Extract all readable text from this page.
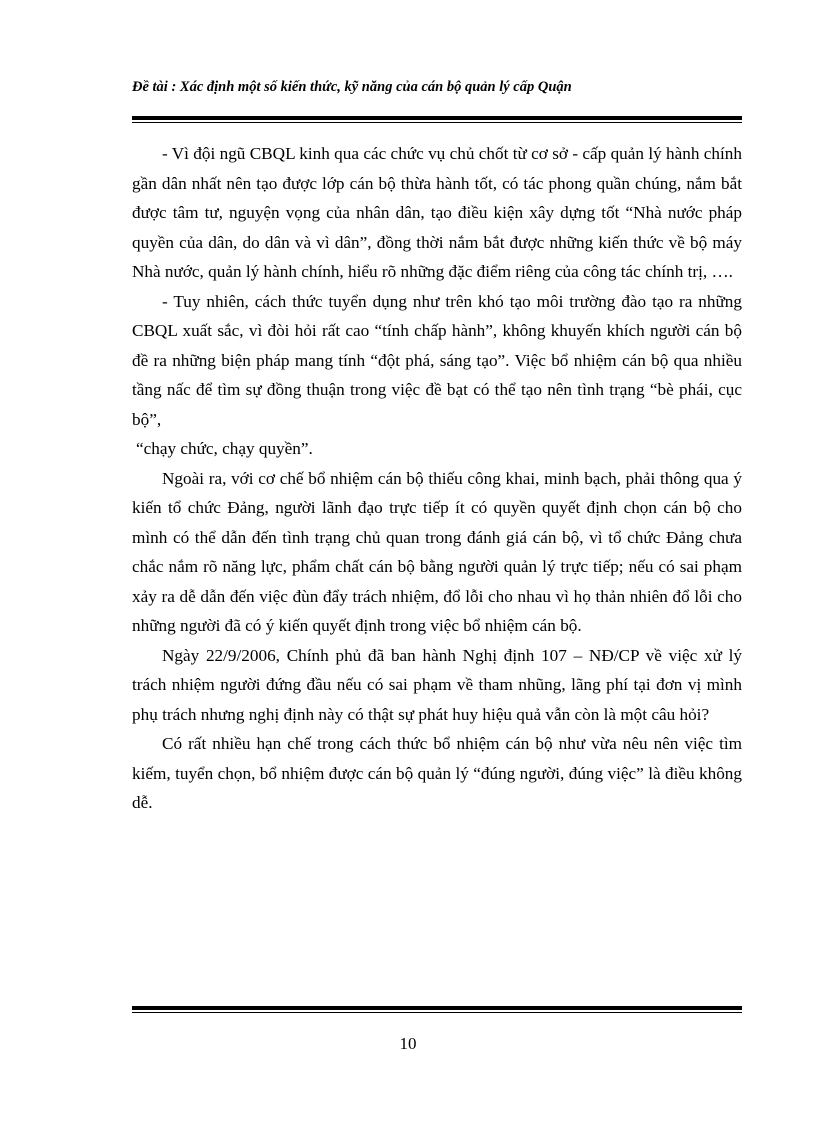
Đề tài : Xác định một số kiến thức, kỹ năng của cán bộ quản lý cấp Quận

- Vì đội ngũ CBQL kinh qua các chức vụ chủ chốt từ cơ sở - cấp quản lý hành chính gần dân nhất nên tạo được lớp cán bộ thừa hành tốt, có tác phong quần chúng, nắm bắt được tâm tư, nguyện vọng của nhân dân, tạo điều kiện xây dựng tốt “Nhà nước pháp quyền của dân, do dân và vì dân”, đồng thời nắm bắt được những kiến thức về bộ máy Nhà nước, quản lý hành chính, hiểu rõ những đặc điểm riêng của công tác chính trị, ….

- Tuy nhiên, cách thức tuyển dụng như trên khó tạo môi trường đào tạo ra những CBQL xuất sắc, vì đòi hỏi rất cao “tính chấp hành”, không khuyến khích người cán bộ đề ra những biện pháp mang tính “đột phá, sáng tạo”. Việc bổ nhiệm cán bộ qua nhiều tầng nấc để tìm sự đồng thuận trong việc đề bạt có thể tạo nên tình trạng “bè phái, cục bộ”,

“chạy chức, chạy quyền”.

Ngoài ra, với cơ chế bổ nhiệm cán bộ thiếu công khai, minh bạch, phải thông qua ý kiến tổ chức Đảng, người lãnh đạo trực tiếp ít có quyền quyết định chọn cán bộ cho mình có thể dẫn đến tình trạng chủ quan trong đánh giá cán bộ, vì tổ chức Đảng chưa chắc nắm rõ năng lực, phẩm chất cán bộ bằng người quản lý trực tiếp; nếu có sai phạm xảy ra dễ dẫn đến việc đùn đẩy trách nhiệm, đổ lỗi cho nhau vì họ thản nhiên đổ lỗi cho những người đã có ý kiến quyết định trong việc bổ nhiệm cán bộ.

Ngày 22/9/2006, Chính phủ đã ban hành Nghị định 107 – NĐ/CP về việc xử lý trách nhiệm người đứng đầu nếu có sai phạm về tham nhũng, lãng phí tại đơn vị mình phụ trách nhưng nghị định này có thật sự phát huy hiệu quả vẫn còn là một câu hỏi?

Có rất nhiều hạn chế trong cách thức bổ nhiệm cán bộ như vừa nêu nên việc tìm kiếm, tuyển chọn, bổ nhiệm được cán bộ quản lý “đúng người, đúng việc” là điều không dễ.

10
